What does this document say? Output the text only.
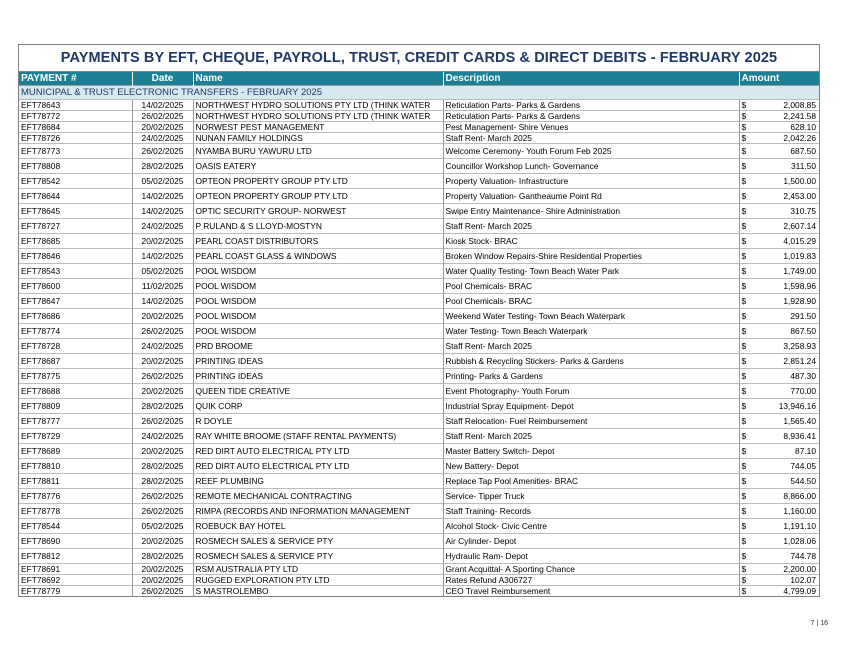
PAYMENTS BY EFT, CHEQUE, PAYROLL, TRUST, CREDIT CARDS & DIRECT DEBITS - FEBRUARY 2025
PAYMENT #	Date	Name	Description	Amount	
MUNICIPAL & TRUST ELECTRONIC TRANSFERS - FEBRUARY 2025					
EFT78643	14/02/2025	NORTHWEST HYDRO SOLUTIONS PTY LTD (THINK WATER	Reticulation Parts- Parks & Gardens	$	2,008.85
EFT78772	26/02/2025	NORTHWEST HYDRO SOLUTIONS PTY LTD (THINK WATER	Reticulation Parts- Parks & Gardens	$	2,241.58
EFT78684	20/02/2025	NORWEST PEST MANAGEMENT	Pest Management- Shire Venues	$	628.10
EFT78726	24/02/2025	NUNAN FAMILY HOLDINGS	Staff Rent- March 2025	$	2,042.26
EFT78773	26/02/2025	NYAMBA BURU YAWURU LTD	Welcome Ceremony- Youth Forum Feb 2025	$	687.50
EFT78808	28/02/2025	OASIS EATERY	Councillor Workshop Lunch- Governance	$	311.50
EFT78542	05/02/2025	OPTEON PROPERTY GROUP PTY LTD	Property Valuation- Infrastructure	$	1,500.00
EFT78644	14/02/2025	OPTEON PROPERTY GROUP PTY LTD	Property Valuation- Gantheaume Point Rd	$	2,453.00
EFT78645	14/02/2025	OPTIC SECURITY GROUP- NORWEST	Swipe Entry Maintenance- Shire Administration	$	310.75
EFT78727	24/02/2025	P RULAND & S LLOYD-MOSTYN	Staff Rent- March 2025	$	2,607.14
EFT78685	20/02/2025	PEARL COAST DISTRIBUTORS	Kiosk Stock- BRAC	$	4,015.29
EFT78646	14/02/2025	PEARL COAST GLASS & WINDOWS	Broken Window Repairs-Shire Residential Properties	$	1,019.83
EFT78543	05/02/2025	POOL WISDOM	Water Quality Testing- Town Beach Water Park	$	1,749.00
EFT78600	11/02/2025	POOL WISDOM	Pool Chemicals- BRAC	$	1,598.96
EFT78647	14/02/2025	POOL WISDOM	Pool Chemicals- BRAC	$	1,928.90
EFT78686	20/02/2025	POOL WISDOM	Weekend Water Testing- Town Beach Waterpark	$	291.50
EFT78774	26/02/2025	POOL WISDOM	Water Testing- Town Beach Waterpark	$	867.50
EFT78728	24/02/2025	PRD BROOME	Staff Rent- March 2025	$	3,258.93
EFT78687	20/02/2025	PRINTING IDEAS	Rubbish & Recycling Stickers- Parks & Gardens	$	2,851.24
EFT78775	26/02/2025	PRINTING IDEAS	Printing- Parks & Gardens	$	487.30
EFT78688	20/02/2025	QUEEN TIDE CREATIVE	Event Photography- Youth Forum	$	770.00
EFT78809	28/02/2025	QUIK CORP	Industrial Spray Equipment- Depot	$	13,946.16
EFT78777	26/02/2025	R DOYLE	Staff Relocation- Fuel Reimbursement	$	1,565.40
EFT78729	24/02/2025	RAY WHITE BROOME (STAFF RENTAL PAYMENTS)	Staff Rent- March 2025	$	8,936.41
EFT78689	20/02/2025	RED DIRT AUTO ELECTRICAL PTY LTD	Master Battery Switch- Depot	$	87.10
EFT78810	28/02/2025	RED DIRT AUTO ELECTRICAL PTY LTD	New Battery- Depot	$	744.05
EFT78811	28/02/2025	REEF PLUMBING	Replace Tap Pool Amenities- BRAC	$	544.50
EFT78776	26/02/2025	REMOTE MECHANICAL CONTRACTING	Service- Tipper Truck	$	8,866.00
EFT78778	26/02/2025	RIMPA (RECORDS AND INFORMATION MANAGEMENT	Staff Training- Records	$	1,160.00
EFT78544	05/02/2025	ROEBUCK BAY HOTEL	Alcohol Stock- Civic Centre	$	1,191.10
EFT78690	20/02/2025	ROSMECH SALES & SERVICE PTY	Air Cylinder- Depot	$	1,028.06
EFT78812	28/02/2025	ROSMECH SALES & SERVICE PTY	Hydraulic Ram- Depot	$	744.78
EFT78691	20/02/2025	RSM AUSTRALIA PTY LTD	Grant Acquittal- A Sporting Chance	$	2,200.00
EFT78692	20/02/2025	RUGGED EXPLORATION PTY LTD	Rates Refund A306727	$	102.07
EFT78779	26/02/2025	S MASTROLEMBO	CEO Travel Reimbursement	$	4,799.09
7 | 16
